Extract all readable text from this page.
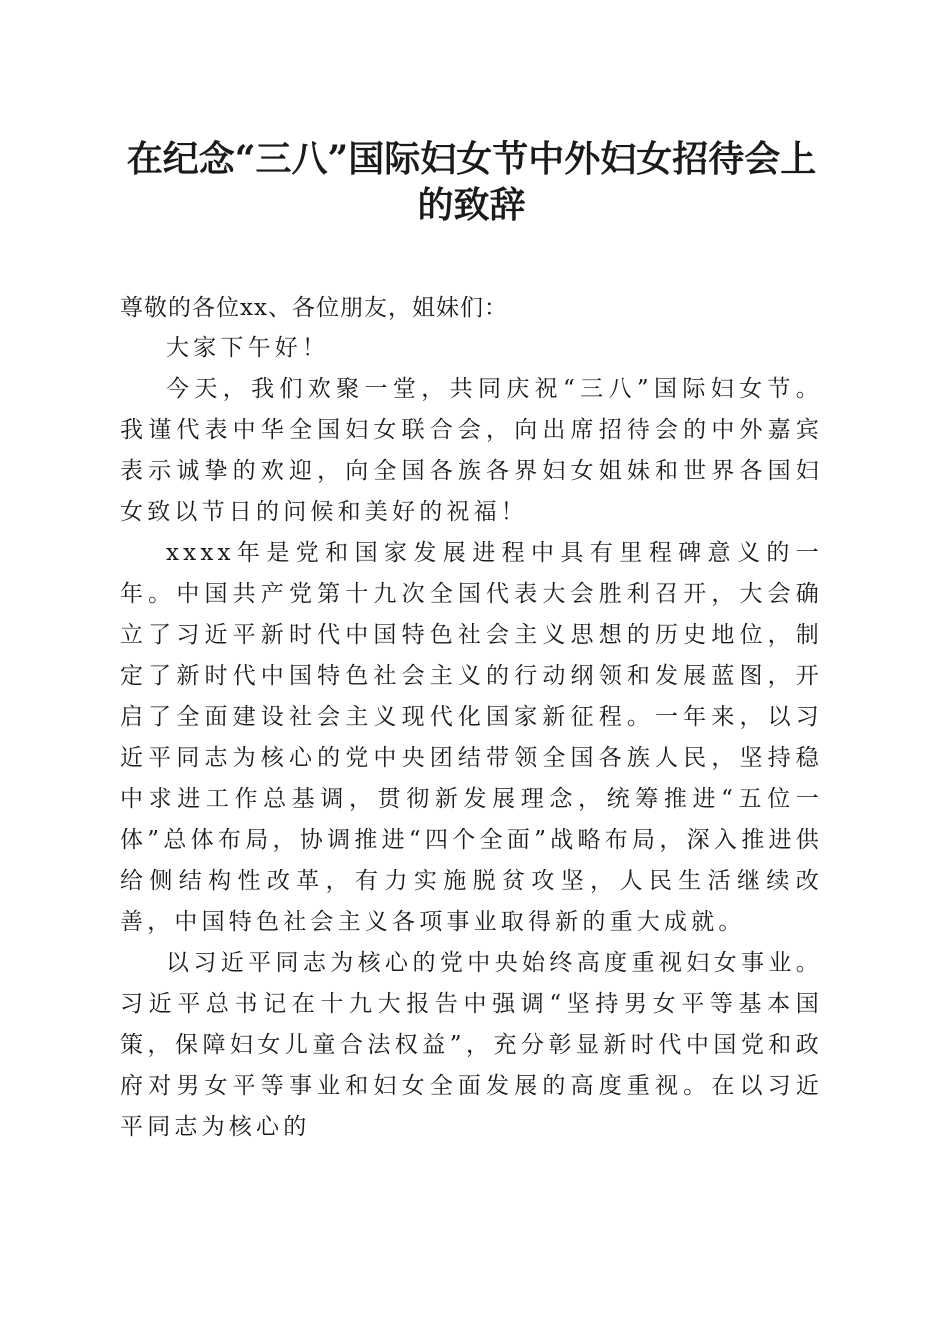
在纪念“三八”国际妇女节中外妇女招待会上
的致辞

尊敬的各位xx、各位朋友，姐妹们：

大家下午好！

今天，我们欢聚一堂，共同庆祝“三八”国际妇女节。我谨代表中华全国妇女联合会，向出席招待会的中外嘉宾表示诚挚的欢迎，向全国各族各界妇女姐妹和世界各国妇女致以节日的问候和美好的祝福！

xxxx年是党和国家发展进程中具有里程碑意义的一年。中国共产党第十九次全国代表大会胜利召开，大会确立了习近平新时代中国特色社会主义思想的历史地位，制定了新时代中国特色社会主义的行动纲领和发展蓝图，开启了全面建设社会主义现代化国家新征程。一年来，以习近平同志为核心的党中央团结带领全国各族人民，坚持稳中求进工作总基调，贯彻新发展理念，统筹推进“五位一体”总体布局，协调推进“四个全面”战略布局，深入推进供给侧结构性改革，有力实施脱贫攻坚，人民生活继续改善，中国特色社会主义各项事业取得新的重大成就。

以习近平同志为核心的党中央始终高度重视妇女事业。习近平总书记在十九大报告中强调“坚持男女平等基本国策，保障妇女儿童合法权益”，充分彰显新时代中国党和政府对男女平等事业和妇女全面发展的高度重视。在以习近平同志为核心的
